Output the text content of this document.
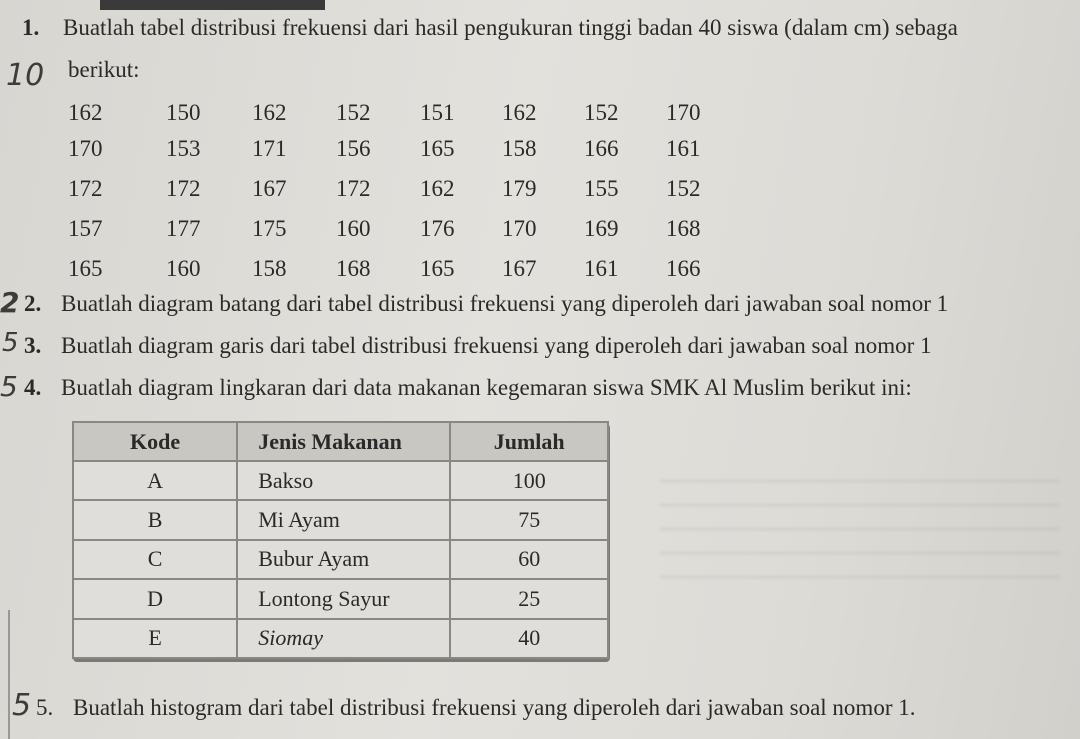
10
2
5
5
5
1. Buatlah tabel distribusi frekuensi dari hasil pengukuran tinggi badan 40 siswa (dalam cm) sebaga
berikut:
162	150 162 152 151 162 152 170
170	153 171 156 165 158 166 161
172	172 167 172 162 179 155 152
157	177 175 160 176 170 169 168
165	160 158 168 165 167 161 166
2. Buatlah diagram batang dari tabel distribusi frekuensi yang diperoleh dari jawaban soal nomor 1
3. Buatlah diagram garis dari tabel distribusi frekuensi yang diperoleh dari jawaban soal nomor 1
4. Buatlah diagram lingkaran dari data makanan kegemaran siswa SMK Al Muslim berikut ini:
Kode	Jenis Makanan	Jumlah
A	Bakso	100
B	Mi Ayam	75
C	Bubur Ayam	60
D	Lontong Sayur	25
E	Siomay	40
5. Buatlah histogram dari tabel distribusi frekuensi yang diperoleh dari jawaban soal nomor 1.
